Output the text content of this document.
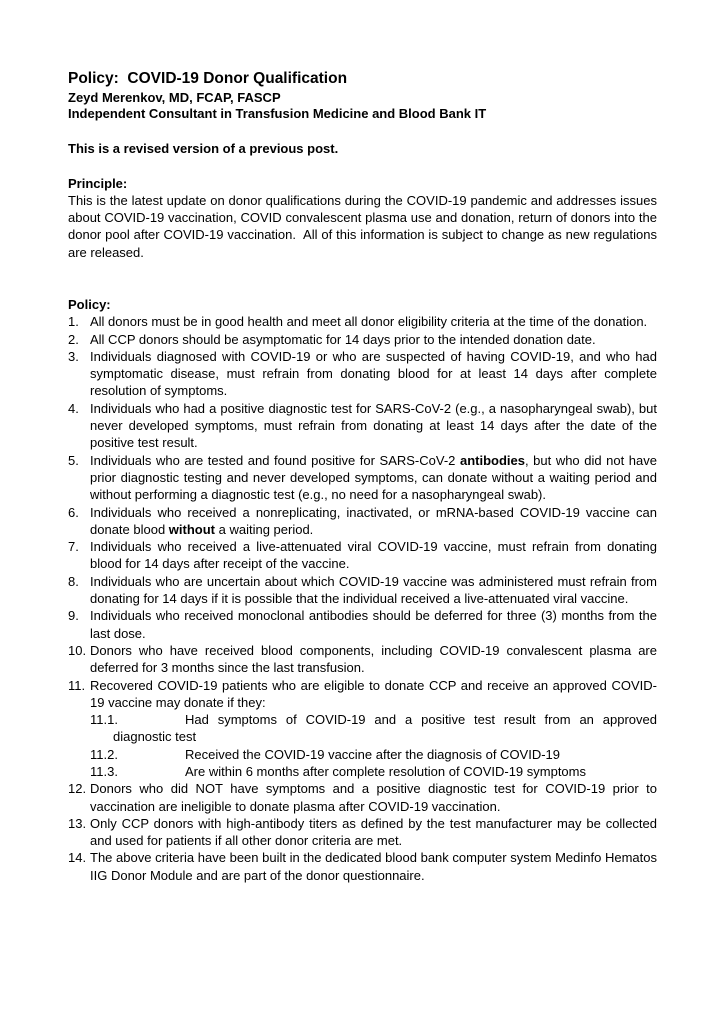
Policy:  COVID-19 Donor Qualification

Zeyd Merenkov, MD, FCAP, FASCP

Independent Consultant in Transfusion Medicine and Blood Bank IT

This is a revised version of a previous post.

Principle:

This is the latest update on donor qualifications during the COVID-19 pandemic and addresses issues about COVID-19 vaccination, COVID convalescent plasma use and donation, return of donors into the donor pool after COVID-19 vaccination.  All of this information is subject to change as new regulations are released.

Policy:

1. All donors must be in good health and meet all donor eligibility criteria at the time of the donation.
2. All CCP donors should be asymptomatic for 14 days prior to the intended donation date.
3. Individuals diagnosed with COVID-19 or who are suspected of having COVID-19, and who had symptomatic disease, must refrain from donating blood for at least 14 days after complete resolution of symptoms.
4. Individuals who had a positive diagnostic test for SARS-CoV-2 (e.g., a nasopharyngeal swab), but never developed symptoms, must refrain from donating at least 14 days after the date of the positive test result.
5. Individuals who are tested and found positive for SARS-CoV-2 antibodies, but who did not have prior diagnostic testing and never developed symptoms, can donate without a waiting period and without performing a diagnostic test (e.g., no need for a nasopharyngeal swab).
6. Individuals who received a nonreplicating, inactivated, or mRNA-based COVID-19 vaccine can donate blood without a waiting period.
7. Individuals who received a live-attenuated viral COVID-19 vaccine, must refrain from donating blood for 14 days after receipt of the vaccine.
8. Individuals who are uncertain about which COVID-19 vaccine was administered must refrain from donating for 14 days if it is possible that the individual received a live-attenuated viral vaccine.
9. Individuals who received monoclonal antibodies should be deferred for three (3) months from the last dose.
10. Donors who have received blood components, including COVID-19 convalescent plasma are deferred for 3 months since the last transfusion.
11. Recovered COVID-19 patients who are eligible to donate CCP and receive an approved COVID-19 vaccine may donate if they:
11.1.	Had symptoms of COVID-19 and a positive test result from an approved diagnostic test
11.2.	Received the COVID-19 vaccine after the diagnosis of COVID-19
11.3.	Are within 6 months after complete resolution of COVID-19 symptoms
12. Donors who did NOT have symptoms and a positive diagnostic test for COVID-19 prior to vaccination are ineligible to donate plasma after COVID-19 vaccination.
13. Only CCP donors with high-antibody titers as defined by the test manufacturer may be collected and used for patients if all other donor criteria are met.
14. The above criteria have been built in the dedicated blood bank computer system Medinfo Hematos IIG Donor Module and are part of the donor questionnaire.
